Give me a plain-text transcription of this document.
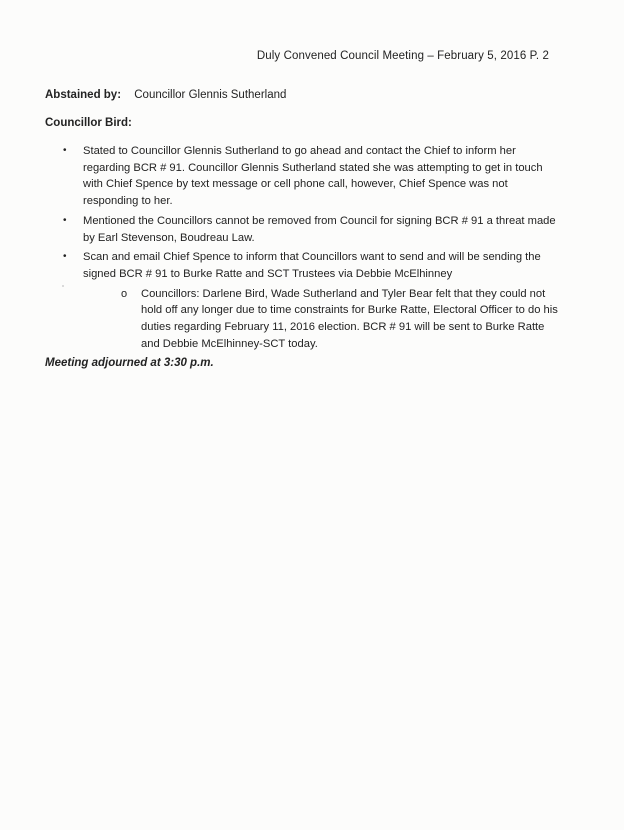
Duly Convened Council Meeting – February 5, 2016 P. 2
Abstained by: Councillor Glennis Sutherland
Councillor Bird:
• Stated to Councillor Glennis Sutherland to go ahead and contact the Chief to inform her regarding BCR # 91. Councillor Glennis Sutherland stated she was attempting to get in touch with Chief Spence by text message or cell phone call, however, Chief Spence was not responding to her.
• Mentioned the Councillors cannot be removed from Council for signing BCR # 91 a threat made by Earl Stevenson, Boudreau Law.
• Scan and email Chief Spence to inform that Councillors want to send and will be sending the signed BCR # 91 to Burke Ratte and SCT Trustees via Debbie McElhinney
o Councillors: Darlene Bird, Wade Sutherland and Tyler Bear felt that they could not hold off any longer due to time constraints for Burke Ratte, Electoral Officer to do his duties regarding February 11, 2016 election. BCR # 91 will be sent to Burke Ratte and Debbie McElhinney-SCT today.
Meeting adjourned at 3:30 p.m.
